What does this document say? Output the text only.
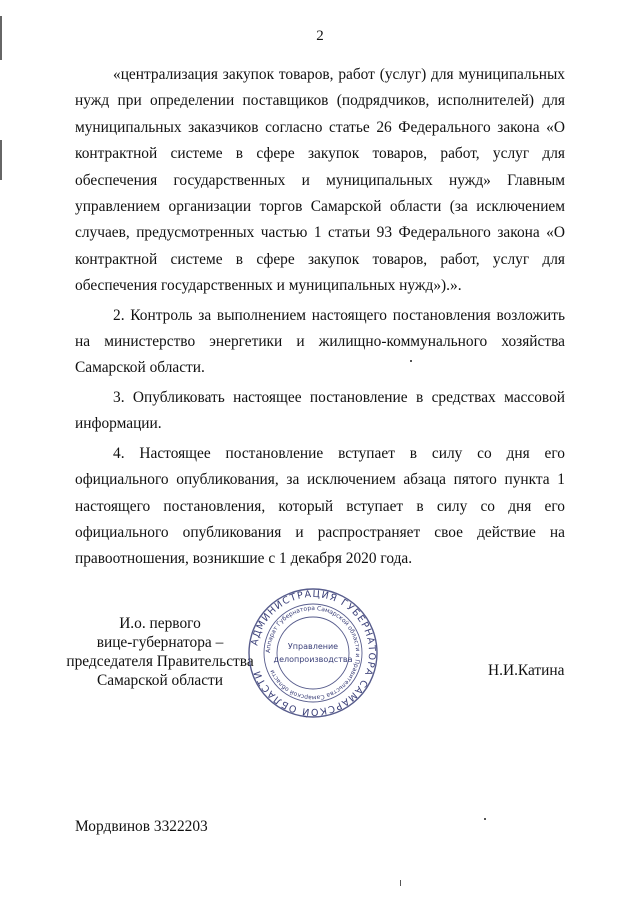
2

«централизация закупок товаров, работ (услуг) для муниципальных нужд при определении поставщиков (подрядчиков, исполнителей) для муниципальных заказчиков согласно статье 26 Федерального закона «О контрактной системе в сфере закупок товаров, работ, услуг для обеспечения государственных и муниципальных нужд» Главным управлением организации торгов Самарской области (за исключением случаев, предусмотренных частью 1 статьи 93 Федерального закона «О контрактной системе в сфере закупок товаров, работ, услуг для обеспечения государственных и муниципальных нужд»).».

2. Контроль за выполнением настоящего постановления возложить на министерство энергетики и жилищно-коммунального хозяйства Самарской области.

3. Опубликовать настоящее постановление в средствах массовой информации.

4. Настоящее постановление вступает в силу со дня его официального опубликования, за исключением абзаца пятого пункта 1 настоящего постановления, который вступает в силу со дня его официального опубликования и распространяет свое действие на правоотношения, возникшие с 1 декабря 2020 года.

И.о. первого
вице-губернатора –
председателя Правительства
Самарской области
АДМИНИСТРАЦИЯ ГУБЕРНАТОРА САМАРСКОЙ ОБЛАСТИ
Аппарат Губернатора Самарской области и Правительства Самарской области
Управление
делопроизводства
Н.И.Катина
Мордвинов 3322203
